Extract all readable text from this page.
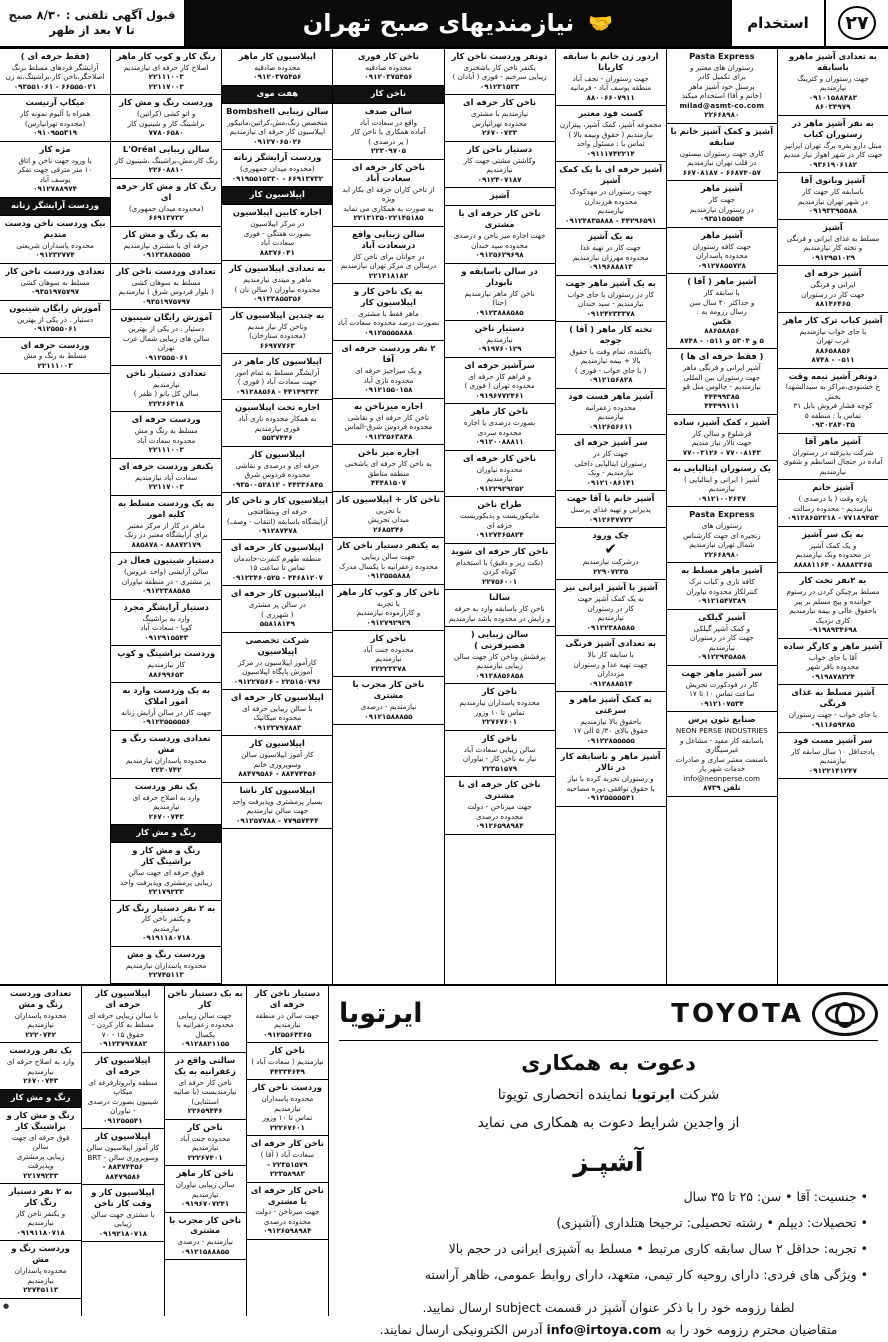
۲۷
استخدام
🤝
نیازمندیهای صبح تهران
قبول آگهی تلفنی : ۸/۳۰ صبح تا ۷ بعد از ظهر
به تعدادی آشپز ماهرو باسابقه
جهت رستوران و کترینگ
نیازمندیم
۰۹۱۰۱۵۸۸۴۸۳
۸۶۰۳۴۹۷۹
به نفر آشپز ماهر در رستوران کباب
مبتل دارو بقره برگ تهران ایرانپز
جهت کار در شهر اهواز نیاز مندیم
۰۹۳۶۱۹۰۶۱۸۲
آشپز وبانوی آقا
باسابقه کار جهت کار
در شهر تهران نیازمندیم
۰۹۱۹۳۳۹۵۵۸۸
آشپز
مسلط به غذای ایرانی و فرنگی
و تخته کار نیازمندیم
۰۹۱۲۹۵۱۰۲۹
آشپز حرفه ای
ایرانی و فرنگی
جهت کار در رستوران
۸۸۱۴۶۴۶۵
آشپز کباب ترک کار ماهر
با جای خواب نیازمندیم
غرب تهران
۸۸۶۵۸۸۵۶
۰۵۱۱ - ۸۷۴۸
دونفر آشپز نیمه وقت
خ خشنودی،مراکز به سیدالشهدا بخش
کوچه فشار فروش بابل ۳۱
تماس با : منطقه ۵
۰۹۳۰۲۸۴۰۳۵
آشپز ماهر آقا
شرکت پذیرفته در رستوران
آماده در جنجال انسانظم و شقوی
نیازمندیم
آشپز خانم
پاره وقت ( یا درصدی )
نیازمندیم - محدوده رسالت
۷۷۱۸۹۴۵۳ - ۰۹۱۲۸۶۵۲۲۱۸
به یک سر آشپز
و یک کمک آشپز
در محدوده ونک نیازمندیم
۸۸۸۸۳۳۶۵ - ۸۸۸۸۱۱۶۴
به ۲نفر تخت کار
مسلط برچیکن کردن در رستوم
خواننده و پیج مسلم بر پیر
باحقوق عالی و بیمه نیازمندیم
کاری نزدیک
۰۹۱۹۸۹۳۴۶۹۸
آشپز ماهر و کارگر ساده
آقا با جای خواب
محدوده باقر شهر
۰۹۱۹۸۷۸۲۲۴
آشپز مسلط به غذای فرنگی
با جای خواب - جهت رستوران
۰۹۱۱۶۵۹۴۸۵
سر آشپز مست فود
پادحداقل ۱۰ سال سابقه کار
نیازمندیم
۰۹۱۲۲۱۴۱۲۴۷
Pasta Express
رستوران های معتبر و
برای تکمیل کادر
پرسنل خود آشپز ماهر
(خانم و آقا) استخدام میکند
milad@asmt-co.com
۲۲۶۶۸۹۸۰
آشپز و کمک آشپز خانم با سابقه
کاری جهت رستوران بیستون
در قلب تهران نیازمندیم
۶۶۸۷۴۰۵۷ - ۶۶۷۰۸۱۸۷
آشپز ماهر
جهت کار
در رستوران نیازمندیم
۰۹۳۵۱۵۵۵۵۴
آشپز ماهر
جهت کافه رستوران
محدوده پاسداران
۰۹۱۲۷۸۵۵۷۲۸
آشپز ماهر ( آقا )
با سابقه کار
و حداکثر ۴۰ سال سن
رسال رزومه به :
فکس
۸۸۶۵۸۸۵۶
۵ و ۵۳۰۴ و ۰۵۱۱ - ۸۷۴۸
( فقط حرفه ای ها )
آشپز ایرانی و فرنگی ماهر
جهت رستوران بین المللی
نیازمندیم - چالوس منل قو
۴۴۴۹۹۳۸۵
۴۴۴۹۹۱۱۱
آشپز ، کمک آشپز، ساده
قرشلوغ و سالن کار
جهت تالار نیاز مندیم
۷۷۰۰۸۱۴۳ - ۷۷۰۰۳۱۲۶
یک رستوران ایتالیایی به
آشپز ( ایرانی و ایتالیایی )
نیازمندیم
۰۹۱۲۱۰۰۴۶۴۷
Pasta Express
رستوران های
زنجیره ای جهت کارشناس
شمال تهران نیازمندیم
۲۲۶۶۸۹۸۰
آشپز ماهر مسلط به
کافه تاری و کباب ترک
کنترلکار محدوده نیاوران
۰۹۱۲۱۵۴۷۳۸۹
آشپز گیلکی
و کمک آشپز گیلکی
جهت کار در رستوران
نیازمندیم
۰۹۱۲۲۹۴۵۸۵۸
سر آشپز ماهر جهت
کار در فودکورت تجریش
ساعت تماس ۱۰ تا ۱۷
۰۹۱۲۱۰۷۵۳۴
صنایع نئون پرس
NEON PERSE INDUSTRIES
باسابقه کار مفید - مشاغل و غیرسیگاری
باصنعت معتبر سازی و صادرات خدمات شهر یار
info@neonperse.com
تلفن ۸۷۳۹
اردور زن خانم با سابقه کاریانا
جهت رستوران - نجف آباد
منطقه یوسف آباد - فرمانیه
۸۸۰۰۶۶۰۷۹۱۱
کست فود معتبر
مجموعه آشپز، کمک آشپز، پیتزازن
نیازمندیم ( حقوق وبیمه بالا )
تماس با : مسئول واحد
۰۹۱۱۱۷۴۲۲۱۴
آشپز حرفه ای با یک کمک آشپز
جهت رستوران در مهدکودک
محدوده هرزندارن
نیازمندیم
۴۴۲۹۶۵۹۱ - ۰۹۱۲۴۸۳۵۸۸۸
به یک آشپز
جهت کار در تهیه غذا
محدوده مهرزان نیازمندیم
۰۹۱۹۶۸۸۸۱۳
به یک آشپز ماهر جهت
کار در رستوران با جای خواب
نیازمندیم - سید خندان
۰۹۱۲۴۲۳۳۳۷۸
تخته کار ماهر ( آقا ) جوجه
پاکشده، تمام وقت با حقوق
بالا + بیمه نیازمندیم
( با جای خواب - فوری )
۰۹۱۲۱۵۶۸۲۸
آشپز ماهر فست فود
محدوده زعفرانیه
نیازمندیم
۰۹۱۲۶۵۶۶۱۱
سر آشپز حرفه ای
جهت کار در
رستوران ایتالیایی داخلی
نیازمندیم - ونک
۰۹۱۲۱۰۸۶۱۴۱
آشپز خانم یا آقا جهت
پذیرایی و تهیه غذای پرسنل
۰۹۱۲۶۴۷۷۲۲
چک ورود
✔
درشرکت نیازمندیم
۲۲۹۰۷۲۳۵
آشپز با آشپز ایرانی نیز
به یک کمک آشپز جهت
کار در رستوران
نیازمندیم
۰۹۱۲۲۳۸۸۵۸۵
به تعدادی آشپز فرنگی
با سابقه کار بالا
جهت تهیه غذا و رستوران
مزدداران
۰۹۱۲۸۸۸۵۱۴
به کمک آشپز ماهر و سرعتی
باحقوق بالا نیازمندیم
حقوق بالای ۳۰/ ۵ الی ۱۷
۰۹۱۲۲۸۵۵۵۵۵
آشپز ماهر و باسابقه کار در تالار
و رستوران تجربه کرده با نیاز
با حقوق توافقی دوره مصاحبه
۰۹۱۲۵۵۵۵۵۴۱
دونفر وردست ناخن کار
یکنفر ناخن کار باشخنری
زیبایی سرخنم - فوری ( آبادان )
۰۹۱۲۳۱۵۳۳
ناخن کار حرفه ای
نیازمندیم با مشتری
محدوده تهرانپارس
۲۶۷۰۰۷۳۳
دستیار ناخن کار
وکاشتن مشتی جهت کار
نیازمندیم
۰۹۱۲۴۰۷۱۸۷
آشپز
ناخن کار حرفه ای با مشتری
جهت اجاره میز ناخن و درصدی
محدوده سید خندان
۰۹۱۲۵۶۲۹۶۹۸
در سالن باسابقه و تابودار
ناخن کار ماهر نیازمندیم
(حنا)
۰۹۱۲۳۸۸۸۵۸۵
دستیار ناخن
نیازمندیم
۰۹۱۹۷۶۰۱۲۹
سرآشپز حرفه ای
و فراهم کار حرفه ای
محدوده تهران ( فوری )
۰۹۱۹۶۷۷۲۴۶۱
ناخن کار ماهر
بصورت درصدی یا اجاره
محدوده سردی
۰۹۱۲۰۰۸۸۸۱۱
ناخن کار حرفه ای
محدوده نیاوران
نیازمندیم
۰۹۱۲۲۹۲۹۲۵۲
طراح ناخن
مانیکوریست و پدیکوریست
حرفه ای
۰۹۱۲۷۴۶۵۸۲۴
ناخن کار حرفه ای شوید
(نکت ریز و دقیق) با استخدام
کوتاه کردن
۲۲۷۵۶۰۰۱
سالنا
ناخن کار باسابقه وارد به حرفه
و زایش در محدوده باشد نیازمندیم
سالن زیبایی ( قصیرفرنی )
پرفشش وناخن کار جهت سالن
زیبایی نیازمندیم
۰۹۱۲۸۸۵۶۸۵۸
ناخن کار
محدوده پاسداران نیازمندیم
تماس تا ۱۰ وزور
۲۲۷۶۷۶۰۱
ناخن کار
سالن زیبایی سعادت آباد
نیاز به ناخن کار - نیاوران
۲۲۳۵۱۵۷۹
ناخن کار حرفه ای با مشتری
جهت میزناخن - دولت
محدوده درصدی
۰۹۱۲۶۵۹۸۹۸۴
ناخن کار فوری
محدوده صادقیه
۰۹۱۲۰۳۷۵۴۵۶
ناخن کار
سالن صدف
واقع در سعادت آباد
آماده همکاری با ناخن کار
( پر درصدی )
۲۲۳۰۹۷۰۵
ناخن کار حرفه ای سعادت آباد
از ناخن کاران حرفه ای بکار ابد ویژه
به صورت به همکاری می نماید
۲۲۱۳۱۳۵۰۲۲۱۴۵۱۸۵
سالن زیبایی واقع درسعادت آباد
در جوانان برای ناخن کار
درسالن ی مرکز تهران نیازمندیم
۲۲۱۴۱۸۱۸۲
به یک ناخن کار و اپیلاسیون کار
ماهر فقط با مشتری
بصورت درصد محدوده سعادت آباد
۰۹۱۲۵۵۵۵۸۸۸
۲ نفر وردست حرفه ای آقا
و یک میزاجیز حرفه ای
محدوده نازی آباد
۰۹۱۲۱۵۵۰۱۵۸
اجاره میزناخن به
ناخن کار حرفه ای و نقاشی
محدوده فردوس شرق-الماس
۰۹۱۲۲۵۶۳۸۴۸
اجاره میز ناخن
به ناخن کار حرفه ای باشخنی
منطقه مناطق
۴۴۴۸۱۵۰۷
ناخن کار + اپیلاسیون کار
با تجربی
میدان تجریش
۲۶۸۵۳۴۶
به یکنفر دستیار ناخن کار
جهت سالن زیبایی
محدوده زعفرانیه با یکسال مدرک
۰۹۱۲۵۵۵۸۸۸
ناخن کار و کوپ کار ماهر
با تجربه
و کارآزموده نیازمندیم
۰۹۱۲۷۹۲۹۲۹
ناخن کار
محدوده جنت آباد
نیازمندیم
۲۲۲۲۳۳۷۸
ناخن کار مجرب با مشتری
نیازمندیم - درصدی
۰۹۱۲۱۵۸۸۸۵۵
اپیلاسیون کار ماهر
محدوده صادقیه
۰۹۱۲۰۳۷۵۴۵۶
هفت موی
سالن زیبایی Bombshell
متخصص رنگ،مش،کراتین،مانیکور
اپیلاسیون کار حرفه ای نیازمندیم
۰۹۱۲۷۰۶۵۰۲۶
وردست آرایشگر زنانه
(محدوده میدان جمهوری)
۶۶۹۱۳۷۳۲ - ۰۹۱۹۵۵۱۵۳۳۰
اپیلاسیون کار
اجاره کابین اپیلاسیون
در مرکز اپیلاسیون
بصورت هفتگی - فوری
سعادت آباد
۸۸۳۷۶۰۴۱
به تعدادی اپیلاسیون کار
ماهر و میتدی نیازمندیم
محدوده نیاوران ( سالن نان )
۰۹۱۳۳۸۵۵۳۵۶
به چندین اپیلاسیون کار
وناخن کار نیاز مندیم
(محدوده ستارخان)
۶۶۹۷۷۷۶۳
اپیلاسیون کار ماهر در
آرایشگر مسلط به تمام امور
جهت سعادت آباد ( فوری )
۴۴۱۴۹۳۴۳ - ۰۹۱۲۸۸۵۶۸
اجاره تخت اپیلاسیون
به همکار محدوده نازی آباد
فوری نیازمندیم
۵۵۳۷۴۴۶
اپیلاسیون کار
حرفه ای و درصدی و نقاشی
محدوده فردوس شرق
۴۴۳۳۶۸۴۵ - ۰۹۳۵۰۰۵۲۸۱۲
اپیلاسیون کار و ناخن کار
حرفه ای وبنظافتچی
آرایشگاه باسابقه (انتقاب - وصف)
۰۹۱۲۸۷۴۷۸
اپیلاسیون کار حرفه ای
منطقه طهرم کنفرت-خاندمان
تماس تا ساعت ۱۵
۴۴۶۸۱۲۰۷ - ۰۹۱۲۳۴۶۰۵۲۵
اپیلاسیون کار حرفه ای
در سالن پر مشتری
( شهرری )
۵۵۸۱۸۱۴۹
شرکت تخصصی اپیلاسیون
کارآموز اپیلاسیون در مرکز
آموزش پایگاه اپیلاسیون
۲۲۵۱۵۰۷۹۶ - ۰۹۱۲۲۷۵۶۶
اپیلاسیون کار حرفه ای
با سالن زیبایی حرفه ای
محدوده میکانیک
۰۹۱۲۳۷۹۷۸۸۳
اپیلاسیون کار
کار آموز اپیلاسیون سالن
وسوپروری خانم
۸۸۴۷۴۴۵۶ - ۸۸۴۷۹۵۸۶
اپیلاسیون کار ناشا
بسیار پرمشتری وپذیرفت واحد
جهت سالن نیازمندیم
۷۷۹۵۷۴۴۴ - ۰۹۱۲۵۷۷۸۸
رنگ کار و کوپ کار ماهر
اصلاح کار حرفه ای نیازمندیم
۲۲۱۱۱۰۰۳
۲۲۱۱۷۰۰۳
وردست رنگ و مش کار
و اتو کشی (کراتین)
براشینگ کار و شینیون کار
۷۷۸۰۶۵۸۰
سالن زیبایی L'Oréal
رنگ کار،مش،براشینگ ،شینیون کار
۲۲۶۰۸۸۱۰
رنگ کار و مش کار حرفه ای
(محدوده میدان جمهوری)
۶۶۹۱۳۷۳۲
به یک رنگ و مش کار
حرفه ای با مشتری نیازمندیم
۰۹۱۲۳۸۸۵۵۵۵
تعدادی وردست ناخن کار
مسلط به سوهان کشی
( بلوار فردوس شرق ) نیازمندیم
۰۹۳۵۱۹۷۵۷۹۷
آموزش رایگان شینیون
دستیار . در یکی از بهترین
سالن های زیبایی شمال غرب تهران
۰۹۱۲۵۵۵۰۶۱
تعدادی دستیار ناخن
نیازمندیم
سالن کل بانو ( ظفر )
۲۲۲۶۶۴۱۸
وردست حرفه ای
مسلط به رنگ و مش
محدوده سعادت آباد
۲۲۱۱۱۰۰۳
یکنفر وردست حرفه ای
سعادت آباد نیازمندیم
۲۲۱۱۷۰۰۳
به یک وردست مسلط به کلیه امور
ماهر در کار از مرکز معتبر
برای آرایشگاه معتبر در زنک
۸۸۸۷۲۱۷۹ - ۸۸۵۸۷۸
دستیار شینیون فعال در
سالن آرایشی (واحد عروس)
پر مشتری - در منطقه نیاوران
۰۹۱۲۲۳۸۸۵۸۵
دستیار آرایشگر مجرد
وارد به براشینگ
کوپا - سعادت آباد
۰۹۱۲۹۱۵۵۴۳
وردست براشینگ و کوپ
کار نیازمندیم
۸۸۶۹۹۶۵۳
به یک وردست وارد به امور املاک
جهت کار در سالن آرایش زنانه
۰۹۱۲۲۵۵۵۵۵۶
تعدادی وردست رنگ و مش
محدوده پاسداران نیازمندیم
۲۲۲۰۷۴۲
یک نفر وردست
وارد به اصلاح حرفه ای
نیازمندیم
۲۶۷۰۰۷۴۳
رنگ و مش کار
رنگ و مش کار و براشینگ کار
فوق حرفه ای جهت سالن
زیبایی پرمشتری وپذیرفت واحد
۲۲۱۷۹۲۳۳
به ۲ نفر دستیار رنگ کار
و یکنفر ناخن کار
نیازمندیم
۰۹۱۹۱۱۸۰۷۱۸
وردست رنگ و مش
محدوده پاسداران نیازمندیم
۲۲۷۴۵۱۱۳
(فقط حرفه ای )
آرایشگر فردهای مسلط برنگ
اصلاحگر،ناخن کار،براشینگ،نه زن
۶۶۵۵۵۰۲۱ - ۰۹۳۵۵۱۰۶۱
میکاپ آرتیست
همراه با آلبوم نمونه کار
(محدوده تهرانپارس)
۰۹۱۰۹۵۵۳۱۹
مژه کار
با ورود جهت ناخن و اتاق
۱۰ متر مترفی جهت تفکر
یوسف آباد
۰۹۱۲۷۸۸۹۷۴
وردست آرایشگر زنانه
بیک وردست ناخن ودست مندیم
محدوده پاسداران شریعتی
۰۹۱۲۳۲۷۷۴
تعدادی وردست ناخن کار
مسلط به سوهان کشی
۰۹۳۵۱۹۷۵۷۹۷
آموزش رایگان شینیون
دستیار . در یکی از بهترین
۰۹۱۲۵۵۵۰۶۱
وردست حرفه ای
مسلط به رنگ و مش
۲۲۱۱۱۰۰۳
TOYOTA
ایرتویا
دعوت به همکاری
شرکت ایرتویا نماینده انحصاری تویوتا
از واجدین شرایط دعوت به همکاری می نماید
آشپـز
• جنسیت: آقا • سن: ۲۵ تا ۳۵ سال
• تحصیلات: دیپلم • رشته تحصیلی: ترجیحا هتلداری (آشپزی)
• تجربه: حداقل ۲ سال سابقه کاری مرتبط • مسلط به آشپزی ایرانی در حجم بالا
• ویژگی های فردی: دارای روحیه کار تیمی، متعهد، دارای روابط عمومی، ظاهر آراسته
لطفا رزومه خود را با ذکر عنوان آشپز در قسمت subject ارسال نمایید.
متقاضیان محترم رزومه خود را به info@irtoya.com آدرس الکترونیکی ارسال نمایند.
دستیار ناخن کار حرفه ای
جهت سالن در منطقه
نیازمندیم
۰۹۱۲۵۵۶۴۳۶۵
ناخن کار
نیازمندیم ( سعادت آباد )
۴۴۳۳۴۶۴۹
وردست ناخن کار
محدوده پاسداران نیازمندیم
تماس تا ۱۰ وزور
۲۲۲۶۷۶۰۱
ناخن کار حرفه ای
سعادت آباد ( آقا )
۲۲۳۵۱۵۷۹ - ۲۲۳۵۸۹۸۳
ناخن کار حرفه ای با مشتری
جهت میزناخن - دولت
محدوده درصدی
۰۹۱۲۶۵۹۸۹۸۴
به یک دستیار ناخن کار
جهت سالن زیبایی
محدوده زعفرانیه با یکسال
۰۹۱۲۸۸۲۱۱۵۵
سالنی واقع در زعفرانیه به یک
ناخن کار حرفه ای
نیازمندیست (با ضائیه استثنایی)
۲۲۶۵۹۴۴۶
ناخن کار
محدوده جنت آباد
نیازمندیم
۲۲۲۶۷۴۰۱
ناخن کار ماهر
سالن زیبایی نیاوران
نیازمندیم
۰۹۱۹۶۷۰۷۲۴۱
ناخن کار مجرب با مشتری
نیازمندیم - درصدی
۰۹۱۲۱۵۸۸۸۵۵
اپیلاسیون کار حرفه ای
با سالن زیبایی حرفه ای
مسلط به کار کردن - حقوق ۱۵ - ۷۰
۰۹۱۲۳۷۹۷۸۸۳
اپیلاسیون کار حرفه ای
منطقه وابروتارفرغه ای میکاپ
شینیون بصورت درصدی - نیاوران
۰۹۱۲۵۵۵۴۱
اپیلاسیون کار
کار آموز اپیلاسیون سالن
وسوپروری سالن - BRT
۸۸۴۷۴۴۵۶ - ۸۸۴۷۹۵۸۶
اپیلاسیون کار و وقت کار ناخن
با مشتری جهت سالن زیبایی
۰۹۱۹۲۱۸۰۷۱۸
تعدادی وردست رنگ و مش
محدوده پاسداران نیازمندیم
۲۲۲۰۷۴۲
یک نفر وردست
وارد به اصلاح حرفه ای
نیازمندیم
۲۶۷۰۰۷۴۳
رنگ و مش کار
رنگ و مش کار و براشینگ کار
فوق حرفه ای جهت سالن
زیبایی پرمشتری وپذیرفت
۲۲۱۷۹۲۳۳
به ۲ نفر دستیار رنگ کار
و یکنفر ناخن کار
نیازمندیم
۰۹۱۹۱۱۸۰۷۱۸
وردست رنگ و مش
محدوده پاسداران نیازمندیم
۲۲۷۴۵۱۱۳
●
